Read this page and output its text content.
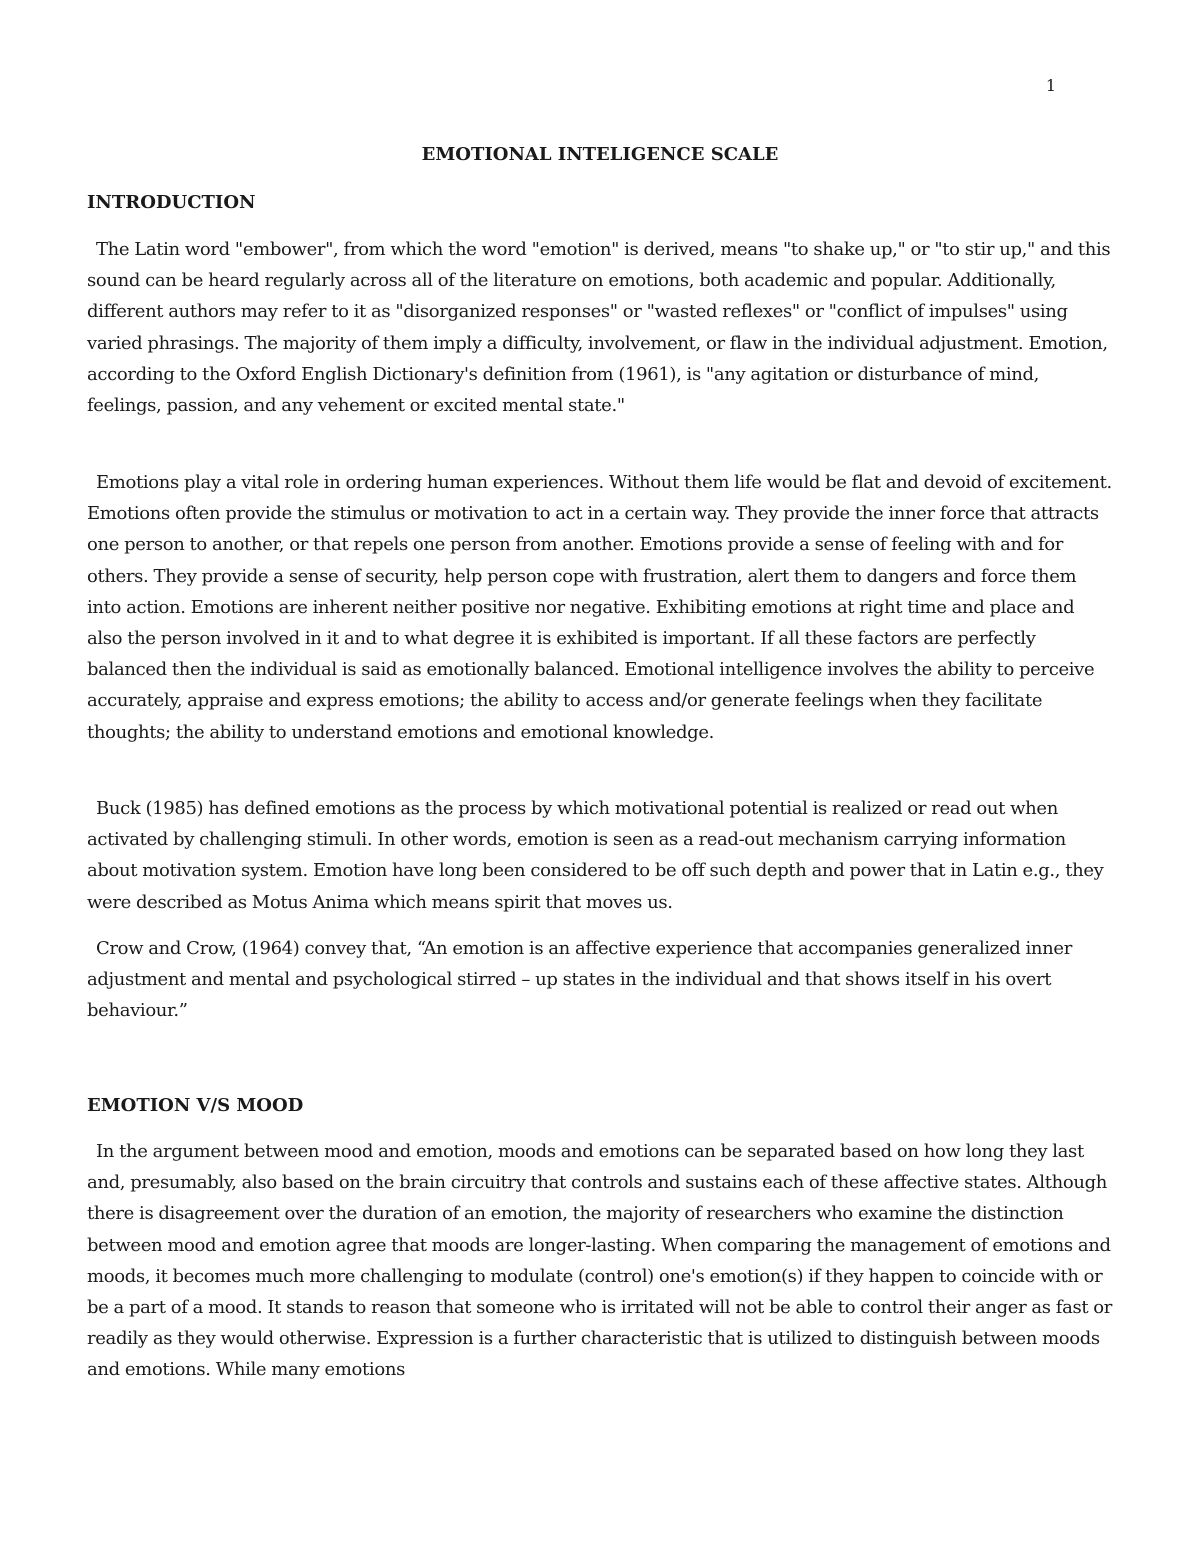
1
EMOTIONAL INTELIGENCE SCALE
INTRODUCTION

The Latin word "embower", from which the word "emotion" is derived, means "to shake up," or "to stir up," and this sound can be heard regularly across all of the literature on emotions, both academic and popular. Additionally, different authors may refer to it as "disorganized responses" or "wasted reflexes" or "conflict of impulses" using varied phrasings. The majority of them imply a difficulty, involvement, or flaw in the individual adjustment. Emotion, according to the Oxford English Dictionary's definition from (1961), is "any agitation or disturbance of mind, feelings, passion, and any vehement or excited mental state."

Emotions play a vital role in ordering human experiences. Without them life would be flat and devoid of excitement. Emotions often provide the stimulus or motivation to act in a certain way. They provide the inner force that attracts one person to another, or that repels one person from another. Emotions provide a sense of feeling with and for others. They provide a sense of security, help person cope with frustration, alert them to dangers and force them into action. Emotions are inherent neither positive nor negative. Exhibiting emotions at right time and place and also the person involved in it and to what degree it is exhibited is important. If all these factors are perfectly balanced then the individual is said as emotionally balanced. Emotional intelligence involves the ability to perceive accurately, appraise and express emotions; the ability to access and/or generate feelings when they facilitate thoughts; the ability to understand emotions and emotional knowledge.

Buck (1985) has defined emotions as the process by which motivational potential is realized or read out when activated by challenging stimuli. In other words, emotion is seen as a read-out mechanism carrying information about motivation system. Emotion have long been considered to be off such depth and power that in Latin e.g., they were described as Motus Anima which means spirit that moves us.

Crow and Crow, (1964) convey that, “An emotion is an affective experience that accompanies generalized inner adjustment and mental and psychological stirred – up states in the individual and that shows itself in his overt behaviour.”

EMOTION V/S MOOD

In the argument between mood and emotion, moods and emotions can be separated based on how long they last and, presumably, also based on the brain circuitry that controls and sustains each of these affective states. Although there is disagreement over the duration of an emotion, the majority of researchers who examine the distinction between mood and emotion agree that moods are longer-lasting. When comparing the management of emotions and moods, it becomes much more challenging to modulate (control) one's emotion(s) if they happen to coincide with or be a part of a mood. It stands to reason that someone who is irritated will not be able to control their anger as fast or readily as they would otherwise. Expression is a further characteristic that is utilized to distinguish between moods and emotions. While many emotions
